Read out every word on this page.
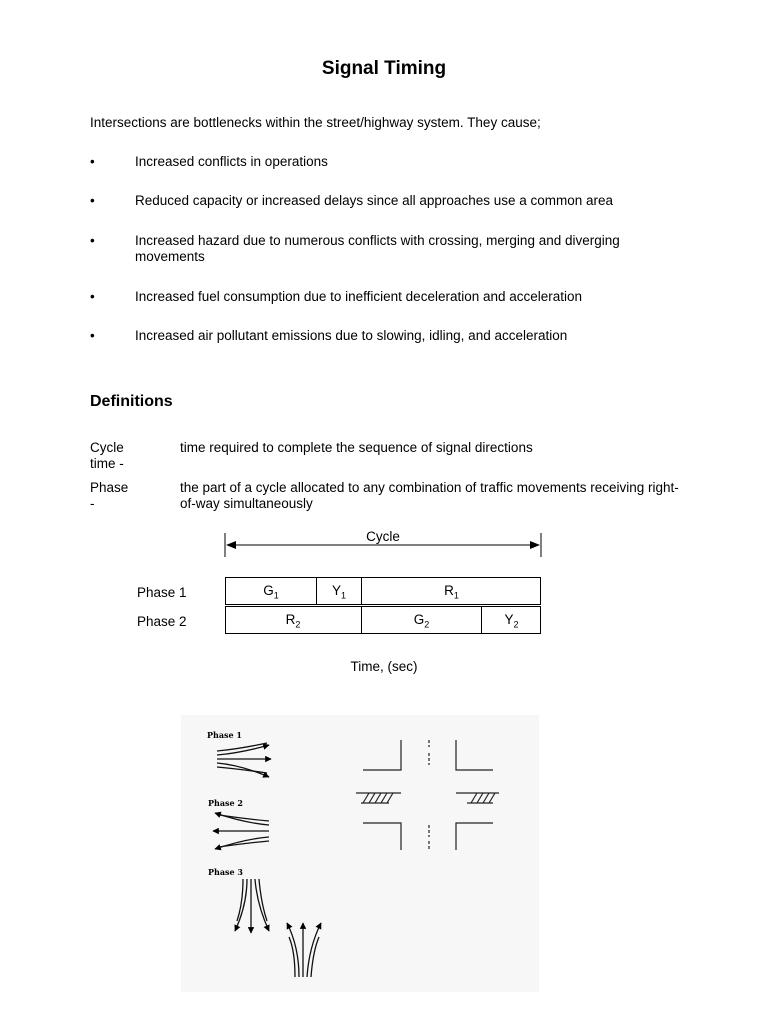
Signal Timing
Intersections are bottlenecks within the street/highway system. They cause;
•	Increased conflicts in operations
•	Reduced capacity or increased delays since all approaches use a common area
•	Increased hazard due to numerous conflicts with crossing, merging and diverging movements
•	Increased fuel consumption due to inefficient deceleration and acceleration
•	Increased air pollutant emissions due to slowing, idling, and acceleration
Definitions
Cycle time -
time required to complete the sequence of signal directions
Phase -
the part of a cycle allocated to any combination of traffic movements receiving right-of-way simultaneously
Cycle
Phase 1	$G_1$	$Y_1$	$R_1$
Phase 2	$R_2$	$G_2$	$Y_2$
Time, (sec)
Phase 1
Phase 2
Phase 3
